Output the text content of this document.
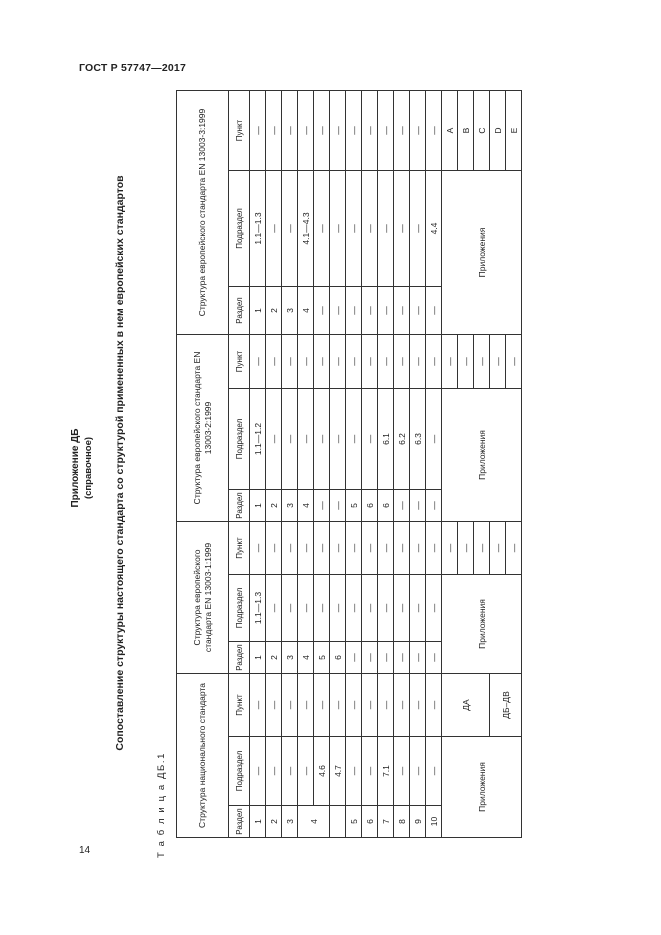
ГОСТ Р 57747—2017
14
Приложение ДБ (справочное) Сопоставление структуры настоящего стандарта со структурой примененных в нем европейских стандартов
Т а б л и ц а ДБ.1	Структура национального стандарта			Структура европейского стандарта EN 13003-1:1999			Структура европейского стандарта EN 13003-2:1999			Структура европейского стандарта EN 13003-3:1999		
Раздел	Подраздел	Пункт	Раздел	Подраздел	Пункт	Раздел	Подраздел	Пункт	Раздел	Подраздел	Пункт
1	—	—	1	1.1—1.3	—	1	1.1—1.2	—	1	1.1—1.3	—
2	—	—	2	—	—	2	—	—	2	—	—
3	—	—	3	—	—	3	—	—	3	—	—
4	—	—	4	—	—	4	—	—	4	4.1—4.3	—
	4.6	—	5	—	—	—	—	—	—	—	—
	4.7	—	6	—	—	—	—	—	—	—	—
5	—	—	—	—	—	5	—	—	—	—	—
6	—	—	—	—	—	6	—	—	—	—	—
7	7.1	—	—	—	—	6	6.1	—	—	—	—
8	—	—	—	—	—	—	6.2	—	—	—	—
9	—	—	—	—	—	—	6.3	—	—	—	—
10	—	—	—	—	—	—	—	—	—	4.4	—
Приложения		ДА	Приложения		—	Приложения		—	Приложения		A
					—			—			B
					—			—			C
		ДБ–ДВ			—			—			D
					—			—			E
